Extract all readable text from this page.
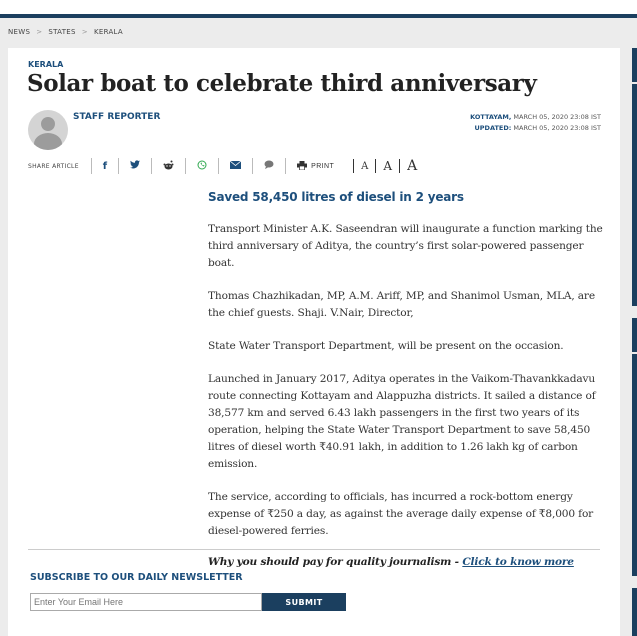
NEWS > STATES > KERALA
KERALA
Solar boat to celebrate third anniversary
STAFF REPORTER	KOTTAYAM, MARCH 05, 2020 23:08 IST
UPDATED: MARCH 05, 2020 23:08 IST
SHARE ARTICLE f	PRINT	A	A	A
Saved 58,450 litres of diesel in 2 years

Transport Minister A.K. Saseendran will inaugurate a function marking the third anniversary of Aditya, the country’s first solar-powered passenger boat.

Thomas Chazhikadan, MP, A.M. Ariff, MP, and Shanimol Usman, MLA, are the chief guests. Shaji. V.Nair, Director,

State Water Transport Department, will be present on the occasion.

Launched in January 2017, Aditya operates in the Vaikom-Thavankkadavu route connecting Kottayam and Alappuzha districts. It sailed a distance of 38,577 km and served 6.43 lakh passengers in the first two years of its operation, helping the State Water Transport Department to save 58,450 litres of diesel worth ₹40.91 lakh, in addition to 1.26 lakh kg of carbon emission.

The service, according to officials, has incurred a rock-bottom energy expense of ₹250 a day, as against the average daily expense of ₹8,000 for diesel-powered ferries.

Why you should pay for quality journalism - Click to know more
SUBSCRIBE TO OUR DAILY NEWSLETTER
Enter Your Email Here
SUBMIT
